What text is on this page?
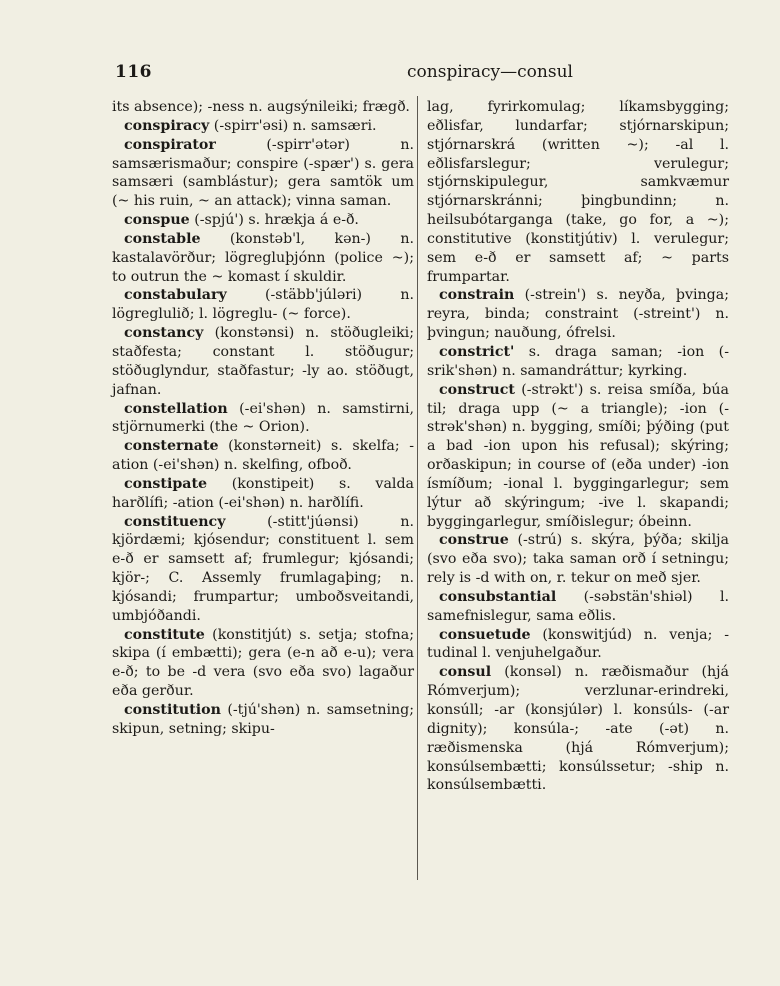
116	conspiracy—consul

its absence); -ness n. augsýnileiki; frægð.

conspiracy (-spirr'əsi) n. samsæri.

conspirator	(-spirr'ətər) n. samsærismaður; conspire (-spær') s. gera samsæri (samblástur); gera samtök um (~ his ruin, ~ an attack); vinna saman.

conspue (-spjú') s. hrækja á e-ð.

constable (konstəb'l, kən-) n. kastalavörður; lögregluþjónn (police ~); to outrun the ~ komast í skuldir.

constabulary	(-stäbb'júləri) n. lögreglulið; l. lögreglu- (~ force).

constancy (konstənsi) n. stöðugleiki; staðfesta; constant l. stöðugur; stöðuglyndur, staðfastur; -ly ao. stöðugt, jafnan.

constellation (-ei'shən) n. samstirni, stjörnumerki (the ~ Orion).

consternate (konstərneit) s. skelfa; -ation (-ei'shən) n. skelfing, ofboð.

constipate (konstipeit) s. valda harðlífi; -ation (-ei'shən) n. harðlífi.

constituency	(-stitt'júənsi) n. kjördæmi; kjósendur; constituent l. sem e-ð er samsett af; frumlegur; kjósandi; kjör-; C. Assemly frumlagaþing; n. kjósandi; frumpartur; umboðsveitandi, umbjóðandi.

constitute (konstitjút) s. setja; stofna; skipa (í embætti); gera (e-n að e-u); vera e-ð; to be -d vera (svo eða svo) lagaður eða gerður.

constitution (-tjú'shən) n. samsetning; skipun, setning; skipu-

lag, fyrirkomulag; líkamsbygging; eðlisfar, lundarfar; stjórnarskipun; stjórnarskrá (written ~); -al l. eðlisfarslegur; verulegur; stjórnskipulegur, samkvæmur stjórnarskránni; þingbundinn; n. heilsubótarganga (take, go for, a ~); constitutive (konstitjútiv) l. verulegur; sem e-ð er samsett af; ~ parts frumpartar.

constrain (-strein') s. neyða, þvinga; reyra, binda; constraint (-streint') n. þvingun; nauðung, ófrelsi.

constrict' s. draga saman; -ion (-srik'shən) n. samandráttur; kyrking.

construct (-strəkt') s. reisa smíða, búa til; draga upp (~ a triangle); -ion (-strək'shən) n. bygging, smíði; þýðing (put a bad -ion upon his refusal); skýring; orðaskipun; in course of (eða under) -ion ísmíðum; -ional l. byggingarlegur; sem lýtur að skýringum; -ive l. skapandi; byggingarlegur, smíðislegur; óbeinn.

construe (-strú) s. skýra, þýða; skilja (svo eða svo); taka saman orð í setningu; rely is -d with on, r. tekur on með sjer.

consubstantial (-səbstän'shiəl) l. samefnislegur, sama eðlis.

consuetude (konswitjúd) n. venja; -tudinal l. venjuhelgaður.

consul (konsəl) n. ræðismaður (hjá Rómverjum); verzlunar-erindreki, konsúll; -ar (konsjúlər) l. konsúls- (-ar dignity); konsúla-; -ate (-ət) n. ræðismenska (hjá Rómverjum); konsúlsembætti; konsúlssetur; -ship n. konsúlsembætti.
